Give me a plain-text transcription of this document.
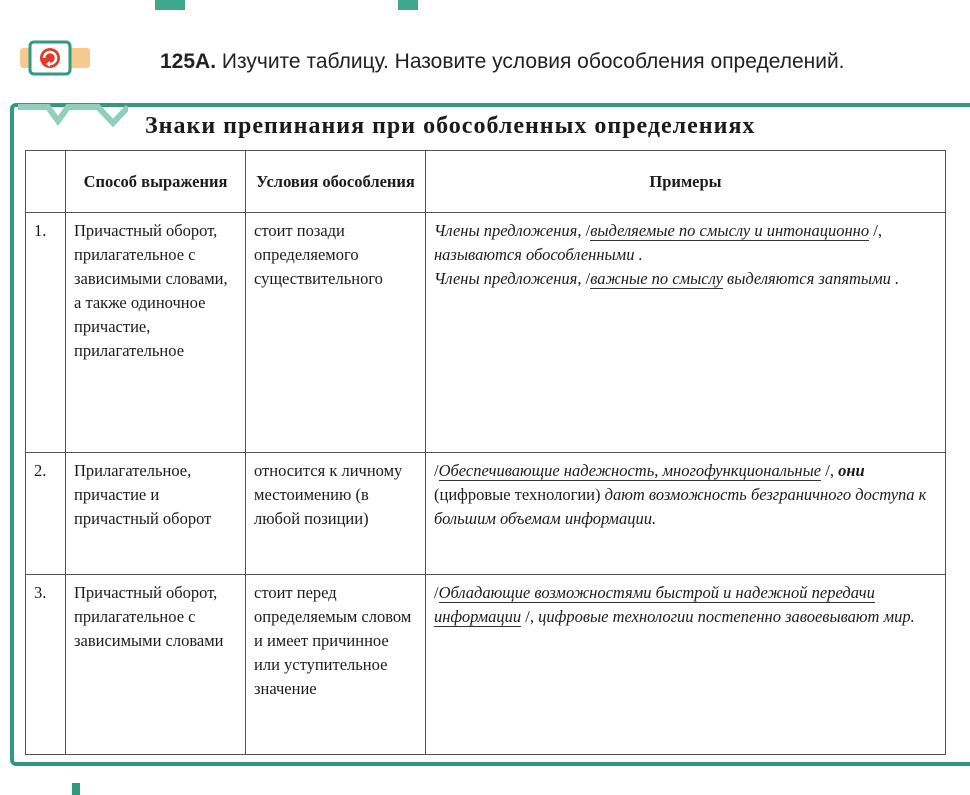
125A. Изучите таблицу. Назовите условия обособления определений.
Знаки препинания при обособленных определениях
	Способ выражения	Условия обособления	Примеры
1.	Причастный оборот, прилагательное с зависимыми словами, а также одиночное причастие, прилагательное	стоит позади определяемого существительного	Члены предложения, /выделяемые по смыслу и интонационно /, называются обособленными .
Члены предложения, /важные по смыслу выделяются запятыми .
2.	Прилагательное, причастие и причастный оборот	относится к личному местоимению (в любой позиции)	/Обеспечивающие надежность, многофункциональные /, они (цифровые технологии) дают возможность безграничного доступа к большим объемам информации.
3.	Причастный оборот, прилагательное с зависимыми словами	стоит перед определяемым словом и имеет причинное или уступительное значение	/Обладающие возможностями быстрой и надежной передачи информации /, цифровые технологии постепенно завоевывают мир.
